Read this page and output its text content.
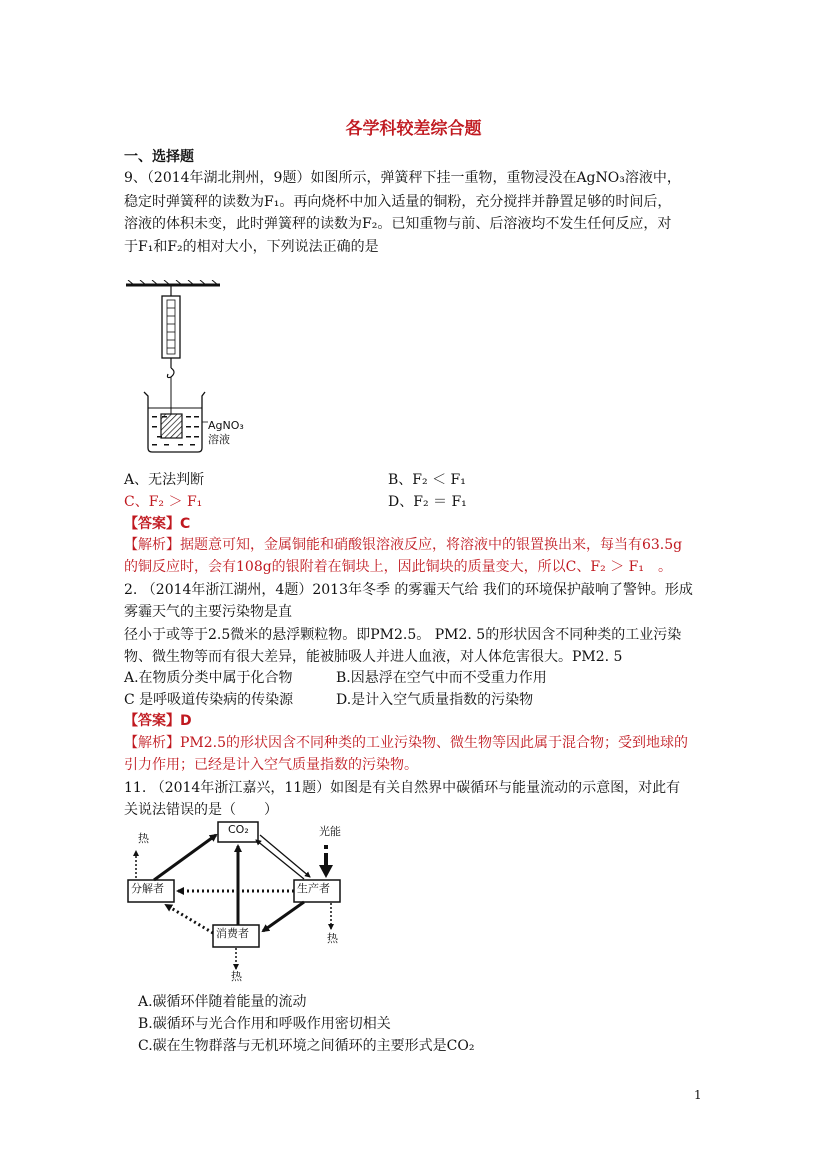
各学科较差综合题
一、选择题
9、（2014年湖北荆州，9题）如图所示，弹簧秤下挂一重物，重物浸没在AgNO₃溶液中，
稳定时弹簧秤的读数为F₁。再向烧杯中加入适量的铜粉，充分搅拌并静置足够的时间后，
溶液的体积未变，此时弹簧秤的读数为F₂。已知重物与前、后溶液均不发生任何反应，对
于F₁和F₂的相对大小，下列说法正确的是
AgNO₃
溶液
A、无法判断	B、F₂ ＜ F₁
C、F₂ ＞ F₁	D、F₂ ＝ F₁
【答案】C
【解析】据题意可知，金属铜能和硝酸银溶液反应，将溶液中的银置换出来，每当有63.5g
的铜反应时，会有108g的银附着在铜块上，因此铜块的质量变大，所以C、F₂ ＞ F₁　。
2. （2014年浙江湖州，4题）2013年冬季 的雾霾天气给 我们的环境保护敲响了警钟。形成
雾霾天气的主要污染物是直
径小于或等于2.5微米的悬浮颗粒物。即PM2.5。 PM2. 5的形状因含不同种类的工业污染
物、微生物等而有很大差异，能被肺吸人并进人血液，对人体危害很大。PM2. 5
A.在物质分类中属于化合物	B.因悬浮在空气中而不受重力作用
C 是呼吸道传染病的传染源	D.是计入空气质量指数的污染物
【答案】D
【解析】PM2.5的形状因含不同种类的工业污染物、微生物等因此属于混合物；受到地球的
引力作用；已经是计入空气质量指数的污染物。
11. （2014年浙江嘉兴，11题）如图是有关自然界中碳循环与能量流动的示意图，对此有
关说法错误的是（　　）
CO₂	光能
分解者	生产者
消费者
热
热
热
A.碳循环伴随着能量的流动
B.碳循环与光合作用和呼吸作用密切相关
C.碳在生物群落与无机环境之间循环的主要形式是CO₂
1
